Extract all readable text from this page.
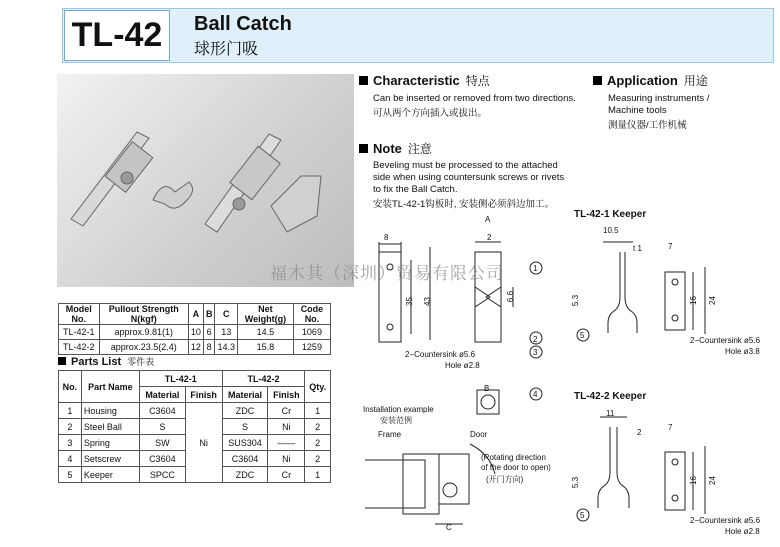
TL-42	Ball Catch
球形门吸
Characteristic 特点
Can be inserted or removed from two directions.
可从两个方向插入或拔出。
Application 用途
Measuring instruments /
Machine tools
测量仪器/工作机械
Note 注意
Beveling must be processed to the attached
side when using countersunk screws or rivets
to fix the Ball Catch.
安装TL-42-1钩板时, 安装侧必须斜边加工。
Model No.	Pullout Strength N(kgf)	A	B	C	Net Weight(g)	Code No.
TL-42-1	approx.9.81(1)	10	6	13	14.5	1069
TL-42-2	approx.23.5(2.4)	12	8	14.3	15.8	1259
Parts List 零件表
No.	Part Name	TL-42-1		TL-42-2		Qty.
		Material	Finish	Material	Finish	
1	Housing	C3604	Ni	ZDC	Cr	1
2	Steel Ball	S		S	Ni	2
3	Spring	SW		SUS304	——	2
4	Setscrew	C3604		C3604	Ni	2
5	Keeper	SPCC		ZDC	Cr	1
8
35 43
A
2
6.6
B
C
1
2
3
4
5
5
2−Countersink ø5.6
Hole ø2.8
Installation example
安装范例
Frame	Door
(Rotating direction
of the door to open)
(开门方向)
TL-42-1 Keeper
10.5
t 1
5.3
7
16 24
2−Countersink ø5.6
Hole ø3.8
TL-42-2 Keeper
11
2
5.3
7
16 24
2−Countersink ø5.6
Hole ø2.8
福木其（深圳）贸易有限公司
